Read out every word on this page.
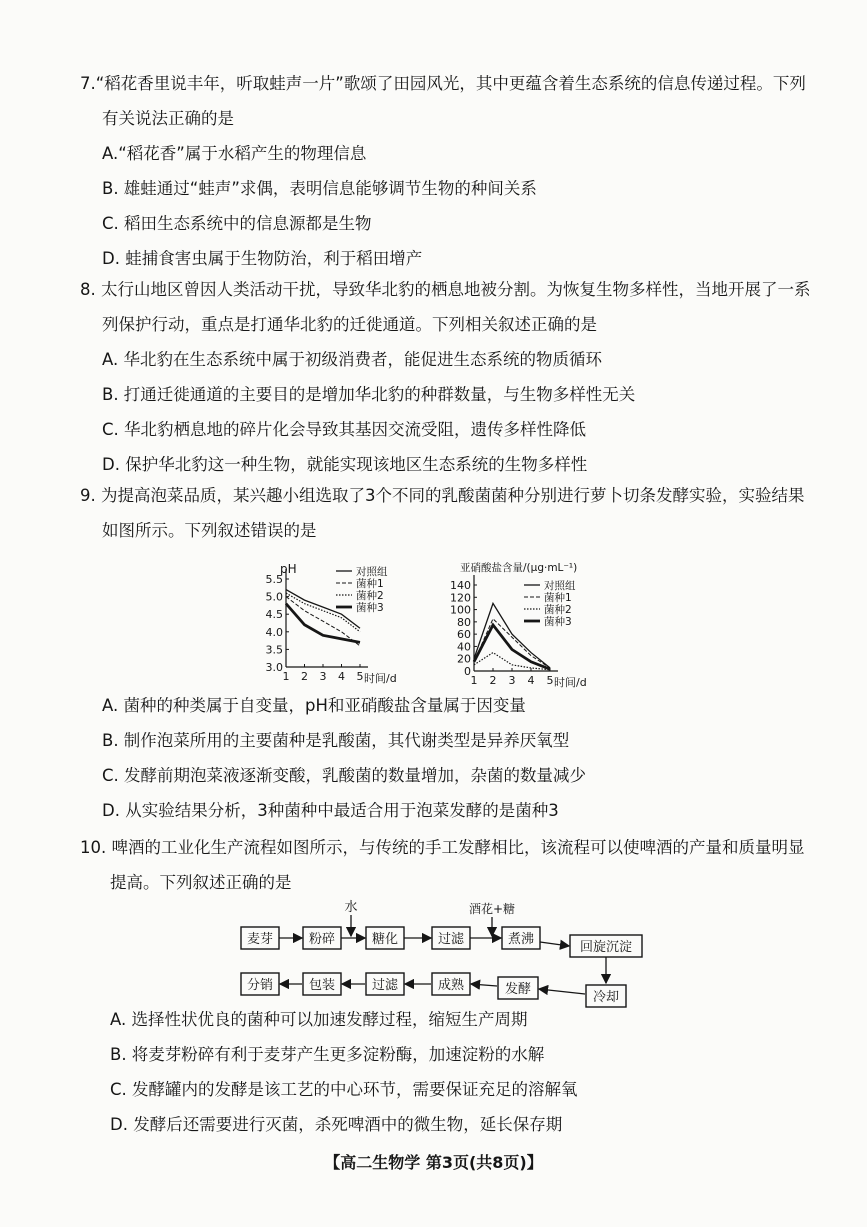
7.“稻花香里说丰年，听取蛙声一片”歌颂了田园风光，其中更蕴含着生态系统的信息传递过程。下列有关说法正确的是
A.“稻花香”属于水稻产生的物理信息
B. 雄蛙通过“蛙声”求偶，表明信息能够调节生物的种间关系
C. 稻田生态系统中的信息源都是生物
D. 蛙捕食害虫属于生物防治，利于稻田增产
8. 太行山地区曾因人类活动干扰，导致华北豹的栖息地被分割。为恢复生物多样性，当地开展了一系列保护行动，重点是打通华北豹的迁徙通道。下列相关叙述正确的是
A. 华北豹在生态系统中属于初级消费者，能促进生态系统的物质循环
B. 打通迁徙通道的主要目的是增加华北豹的种群数量，与生物多样性无关
C. 华北豹栖息地的碎片化会导致其基因交流受阻，遗传多样性降低
D. 保护华北豹这一种生物，就能实现该地区生态系统的生物多样性
9. 为提高泡菜品质，某兴趣小组选取了3个不同的乳酸菌菌种分别进行萝卜切条发酵实验，实验结果如图所示。下列叙述错误的是
A. 菌种的种类属于自变量，pH和亚硝酸盐含量属于因变量
B. 制作泡菜所用的主要菌种是乳酸菌，其代谢类型是异养厌氧型
C. 发酵前期泡菜液逐渐变酸，乳酸菌的数量增加，杂菌的数量减少
D. 从实验结果分析，3种菌种中最适合用于泡菜发酵的是菌种3
3.0
3.5
4.0
4.5
5.0
5.5
1 2 3 4 5
pH
时间/d
对照组
菌种1
菌种2
菌种3
0
20
40
60
80
100
120
140
1 2 3 4 5
亚硝酸盐含量/(μg·mL⁻¹)
时间/d
对照组
菌种1
菌种2
菌种3
10. 啤酒的工业化生产流程如图所示，与传统的手工发酵相比，该流程可以使啤酒的产量和质量明显提高。下列叙述正确的是
麦芽	粉碎	糖化	过滤	煮沸
回旋沉淀
水	酒花+糖
分销	包装	过滤	成熟	发酵
冷却
A. 选择性状优良的菌种可以加速发酵过程，缩短生产周期
B. 将麦芽粉碎有利于麦芽产生更多淀粉酶，加速淀粉的水解
C. 发酵罐内的发酵是该工艺的中心环节，需要保证充足的溶解氧
D. 发酵后还需要进行灭菌，杀死啤酒中的微生物，延长保存期
【高二生物学 第3页(共8页)】
